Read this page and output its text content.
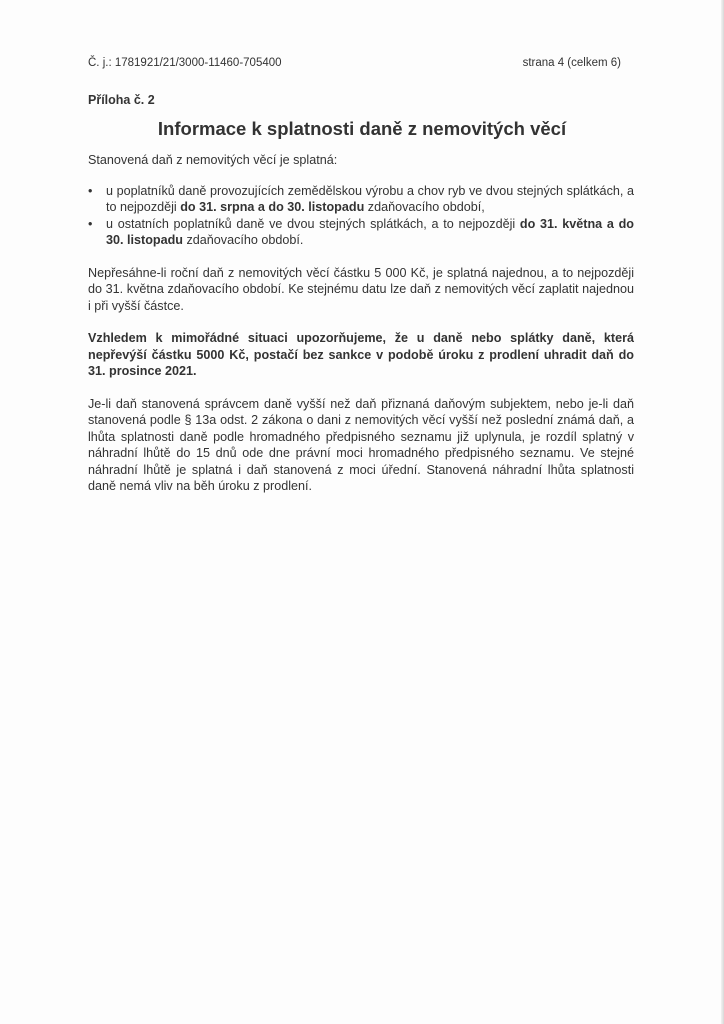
Č. j.: 1781921/21/3000-11460-705400	strana 4 (celkem 6)
Příloha č. 2
Informace k splatnosti daně z nemovitých věcí

Stanovená daň z nemovitých věcí je splatná:

• u poplatníků daně provozujících zemědělskou výrobu a chov ryb ve dvou stejných splátkách, a to nejpozději do 31. srpna a do 30. listopadu zdaňovacího období,
• u ostatních poplatníků daně ve dvou stejných splátkách, a to nejpozději do 31. května a do 30. listopadu zdaňovacího období.

Nepřesáhne-li roční daň z nemovitých věcí částku 5 000 Kč, je splatná najednou, a to nejpozději do 31. května zdaňovacího období. Ke stejnému datu lze daň z nemovitých věcí zaplatit najednou i při vyšší částce.

Vzhledem k mimořádné situaci upozorňujeme, že u daně nebo splátky daně, která nepřevýší částku 5000 Kč, postačí bez sankce v podobě úroku z prodlení uhradit daň do 31. prosince 2021.

Je-li daň stanovená správcem daně vyšší než daň přiznaná daňovým subjektem, nebo je-li daň stanovená podle § 13a odst. 2 zákona o dani z nemovitých věcí vyšší než poslední známá daň, a lhůta splatnosti daně podle hromadného předpisného seznamu již uplynula, je rozdíl splatný v náhradní lhůtě do 15 dnů ode dne právní moci hromadného předpisného seznamu. Ve stejné náhradní lhůtě je splatná i daň stanovená z moci úřední. Stanovená náhradní lhůta splatnosti daně nemá vliv na běh úroku z prodlení.
